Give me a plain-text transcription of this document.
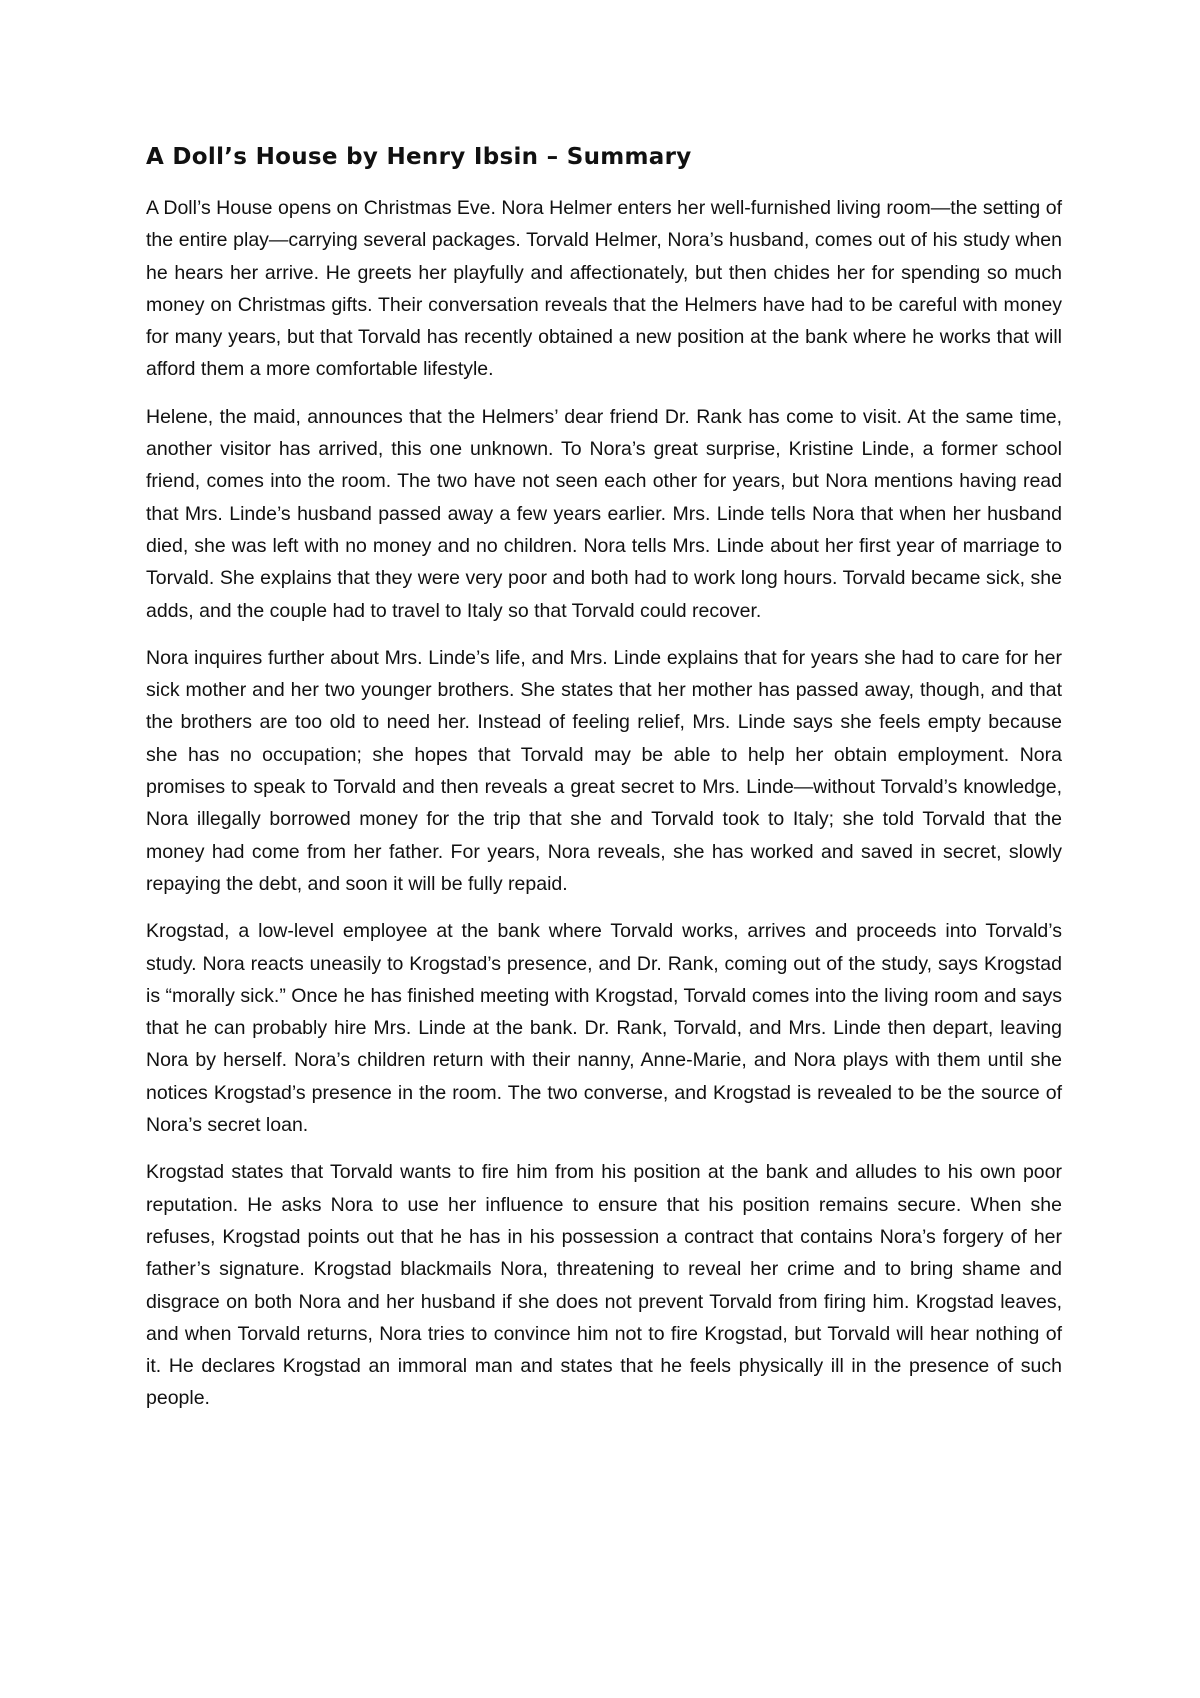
A Doll’s House by Henry Ibsin – Summary

A Doll’s House opens on Christmas Eve. Nora Helmer enters her well-furnished living room—the setting of the entire play—carrying several packages. Torvald Helmer, Nora’s husband, comes out of his study when he hears her arrive. He greets her playfully and affectionately, but then chides her for spending so much money on Christmas gifts. Their conversation reveals that the Helmers have had to be careful with money for many years, but that Torvald has recently obtained a new position at the bank where he works that will afford them a more comfortable lifestyle.

Helene, the maid, announces that the Helmers’ dear friend Dr. Rank has come to visit. At the same time, another visitor has arrived, this one unknown. To Nora’s great surprise, Kristine Linde, a former school friend, comes into the room. The two have not seen each other for years, but Nora mentions having read that Mrs. Linde’s husband passed away a few years earlier. Mrs. Linde tells Nora that when her husband died, she was left with no money and no children. Nora tells Mrs. Linde about her first year of marriage to Torvald. She explains that they were very poor and both had to work long hours. Torvald became sick, she adds, and the couple had to travel to Italy so that Torvald could recover.

Nora inquires further about Mrs. Linde’s life, and Mrs. Linde explains that for years she had to care for her sick mother and her two younger brothers. She states that her mother has passed away, though, and that the brothers are too old to need her. Instead of feeling relief, Mrs. Linde says she feels empty because she has no occupation; she hopes that Torvald may be able to help her obtain employment. Nora promises to speak to Torvald and then reveals a great secret to Mrs. Linde—without Torvald’s knowledge, Nora illegally borrowed money for the trip that she and Torvald took to Italy; she told Torvald that the money had come from her father. For years, Nora reveals, she has worked and saved in secret, slowly repaying the debt, and soon it will be fully repaid.

Krogstad, a low-level employee at the bank where Torvald works, arrives and proceeds into Torvald’s study. Nora reacts uneasily to Krogstad’s presence, and Dr. Rank, coming out of the study, says Krogstad is “morally sick.” Once he has finished meeting with Krogstad, Torvald comes into the living room and says that he can probably hire Mrs. Linde at the bank. Dr. Rank, Torvald, and Mrs. Linde then depart, leaving Nora by herself. Nora’s children return with their nanny, Anne-Marie, and Nora plays with them until she notices Krogstad’s presence in the room. The two converse, and Krogstad is revealed to be the source of Nora’s secret loan.

Krogstad states that Torvald wants to fire him from his position at the bank and alludes to his own poor reputation. He asks Nora to use her influence to ensure that his position remains secure. When she refuses, Krogstad points out that he has in his possession a contract that contains Nora’s forgery of her father’s signature. Krogstad blackmails Nora, threatening to reveal her crime and to bring shame and disgrace on both Nora and her husband if she does not prevent Torvald from firing him. Krogstad leaves, and when Torvald returns, Nora tries to convince him not to fire Krogstad, but Torvald will hear nothing of it. He declares Krogstad an immoral man and states that he feels physically ill in the presence of such people.
